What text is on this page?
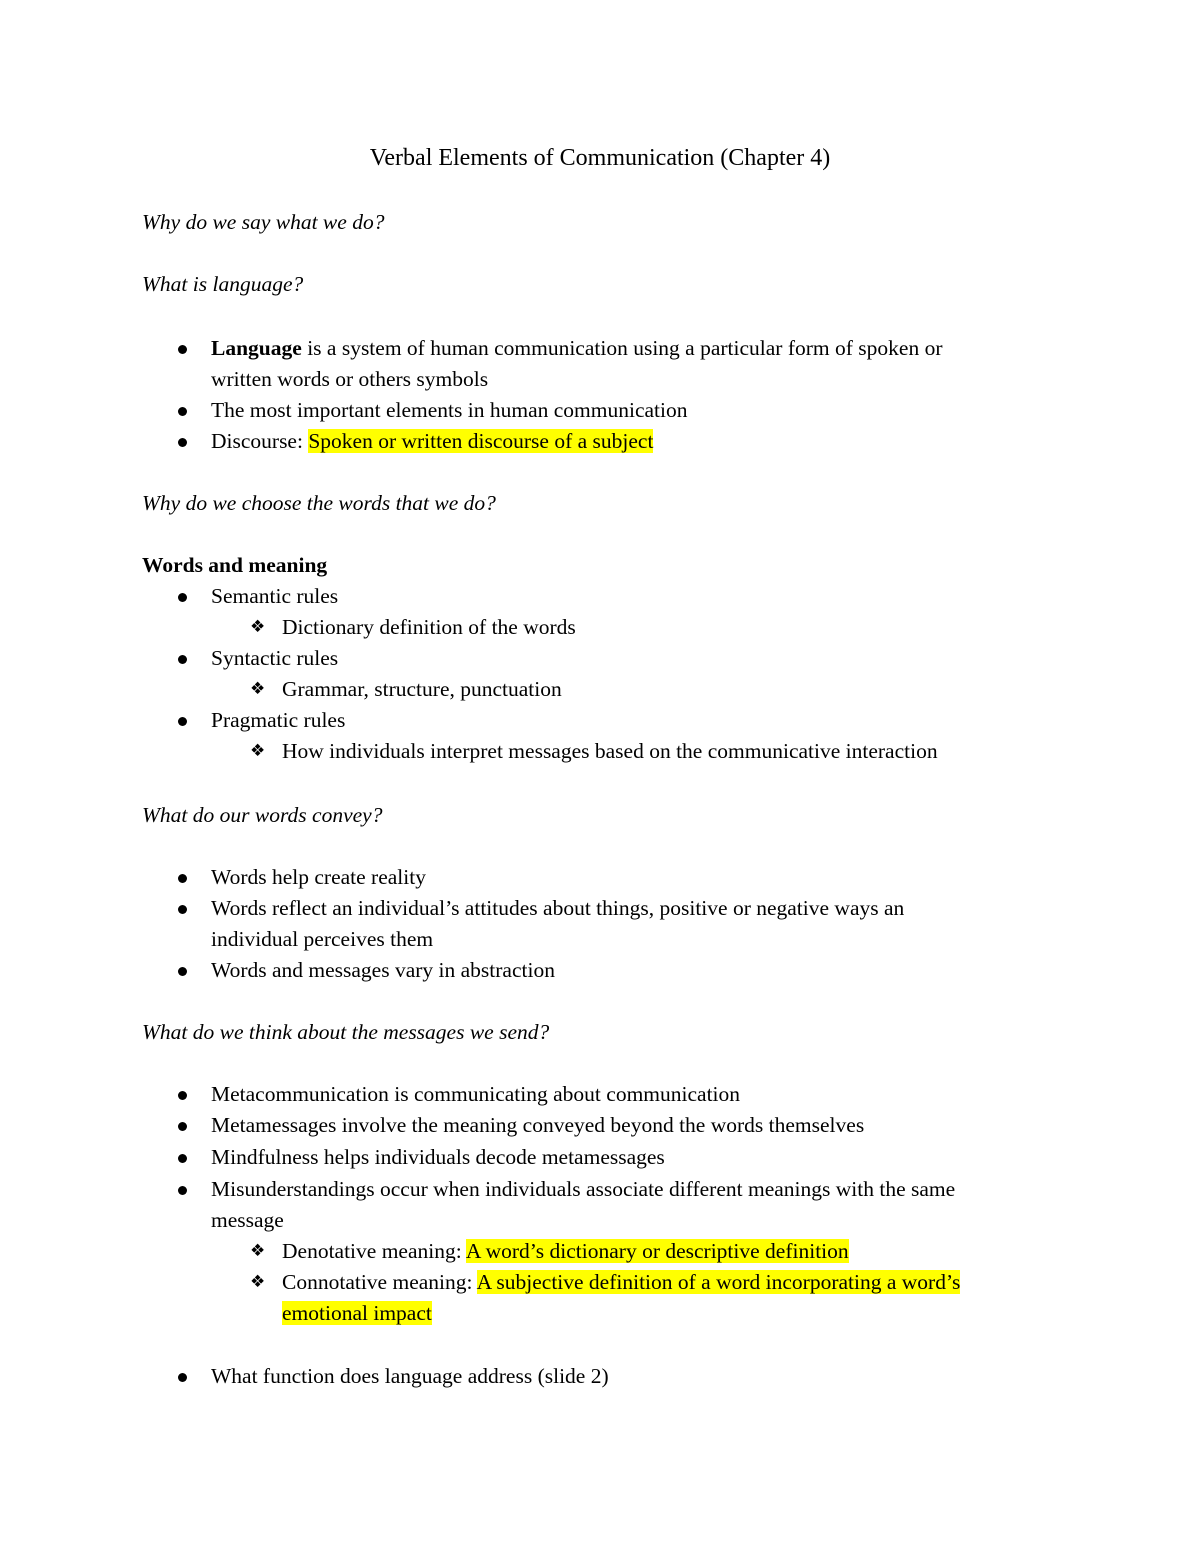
Verbal Elements of Communication (Chapter 4)
Why do we say what we do?
What is language?
Language is a system of human communication using a particular form of spoken or
written words or others symbols
The most important elements in human communication
Discourse: Spoken or written discourse of a subject
Why do we choose the words that we do?
Words and meaning
Semantic rules
❖ Dictionary definition of the words
Syntactic rules
❖ Grammar, structure, punctuation
Pragmatic rules
❖ How individuals interpret messages based on the communicative interaction
What do our words convey?
Words help create reality
Words reflect an individual’s attitudes about things, positive or negative ways an
individual perceives them
Words and messages vary in abstraction
What do we think about the messages we send?
Metacommunication is communicating about communication
Metamessages involve the meaning conveyed beyond the words themselves
Mindfulness helps individuals decode metamessages
Misunderstandings occur when individuals associate different meanings with the same
message
❖ Denotative meaning: A word’s dictionary or descriptive definition
❖ Connotative meaning: A subjective definition of a word incorporating a word’s
emotional impact
What function does language address (slide 2)
